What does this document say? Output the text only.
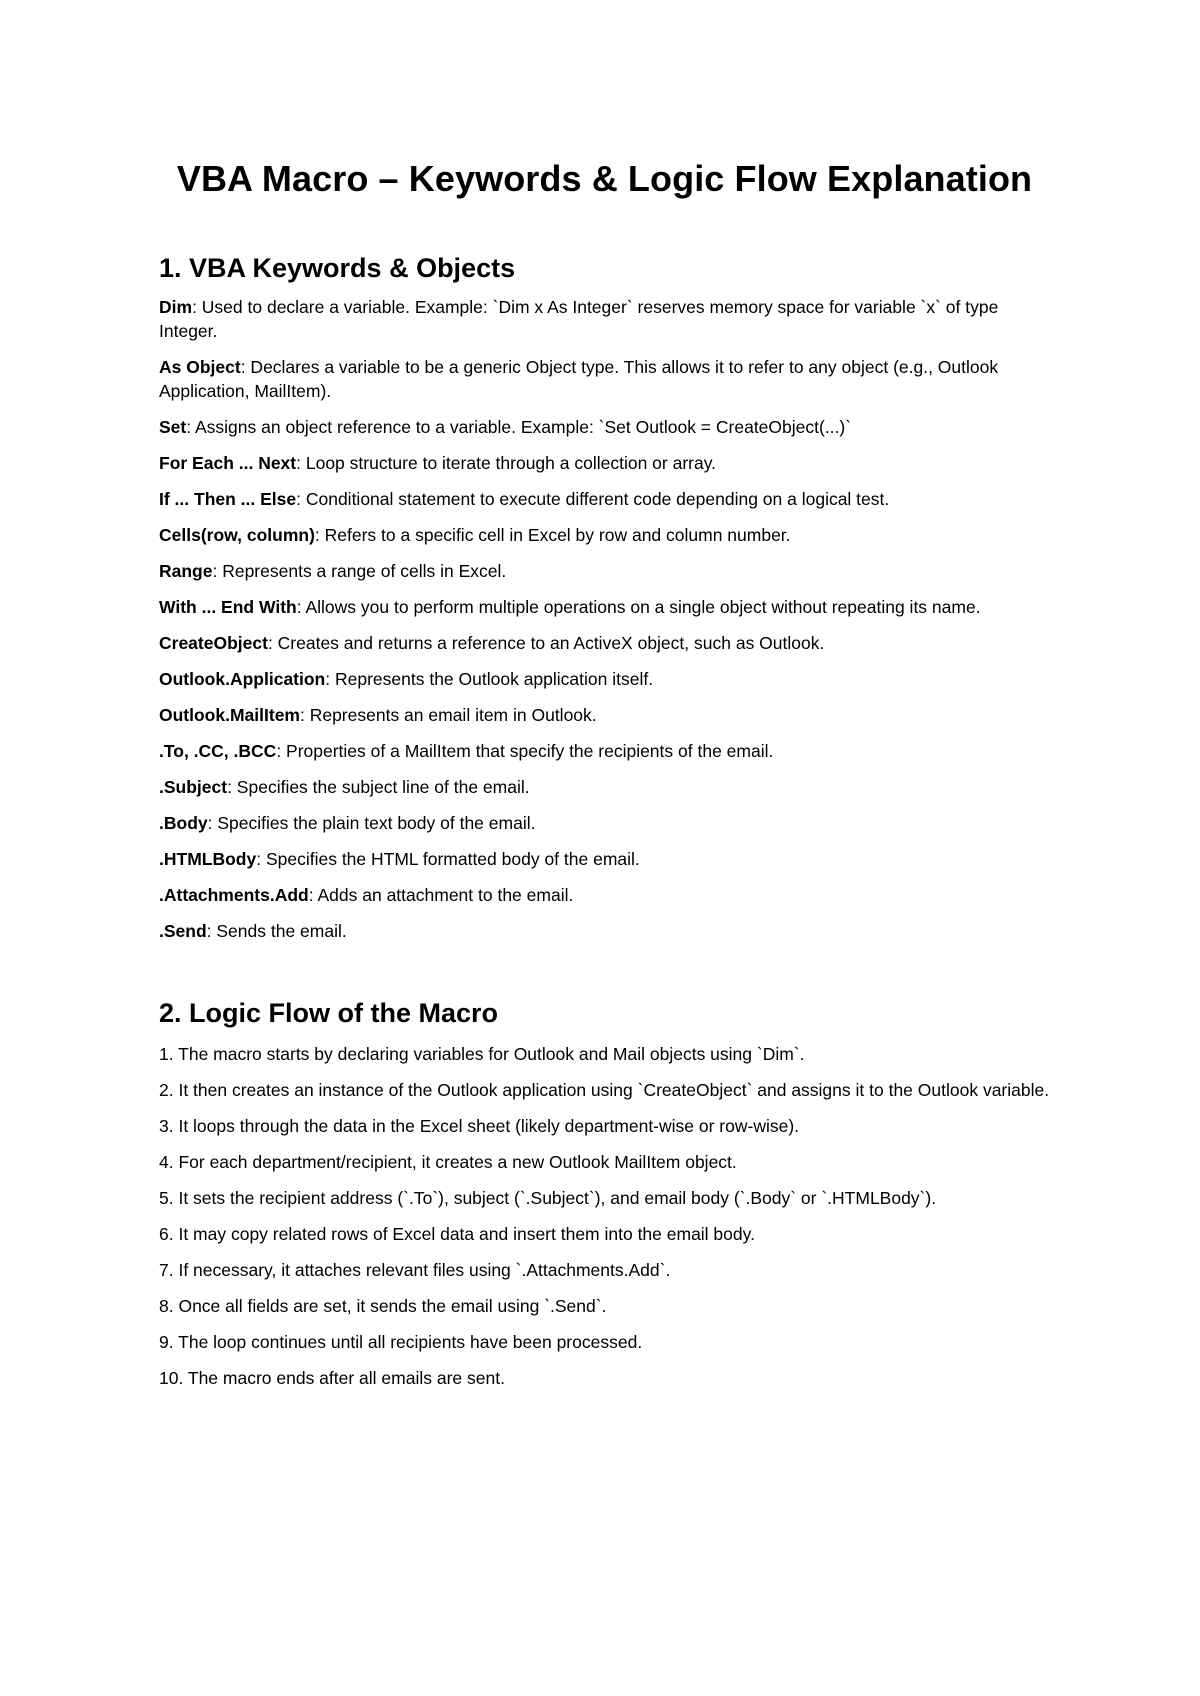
VBA Macro – Keywords & Logic Flow Explanation
1. VBA Keywords & Objects
Dim: Used to declare a variable. Example: `Dim x As Integer` reserves memory space for variable `x` of type Integer.
As Object: Declares a variable to be a generic Object type. This allows it to refer to any object (e.g., Outlook Application, MailItem).
Set: Assigns an object reference to a variable. Example: `Set Outlook = CreateObject(...)`
For Each ... Next: Loop structure to iterate through a collection or array.
If ... Then ... Else: Conditional statement to execute different code depending on a logical test.
Cells(row, column): Refers to a specific cell in Excel by row and column number.
Range: Represents a range of cells in Excel.
With ... End With: Allows you to perform multiple operations on a single object without repeating its name.
CreateObject: Creates and returns a reference to an ActiveX object, such as Outlook.
Outlook.Application: Represents the Outlook application itself.
Outlook.MailItem: Represents an email item in Outlook.
.To, .CC, .BCC: Properties of a MailItem that specify the recipients of the email.
.Subject: Specifies the subject line of the email.
.Body: Specifies the plain text body of the email.
.HTMLBody: Specifies the HTML formatted body of the email.
.Attachments.Add: Adds an attachment to the email.
.Send: Sends the email.
2. Logic Flow of the Macro
1. The macro starts by declaring variables for Outlook and Mail objects using `Dim`.
2. It then creates an instance of the Outlook application using `CreateObject` and assigns it to the Outlook variable.
3. It loops through the data in the Excel sheet (likely department-wise or row-wise).
4. For each department/recipient, it creates a new Outlook MailItem object.
5. It sets the recipient address (`.To`), subject (`.Subject`), and email body (`.Body` or `.HTMLBody`).
6. It may copy related rows of Excel data and insert them into the email body.
7. If necessary, it attaches relevant files using `.Attachments.Add`.
8. Once all fields are set, it sends the email using `.Send`.
9. The loop continues until all recipients have been processed.
10. The macro ends after all emails are sent.
